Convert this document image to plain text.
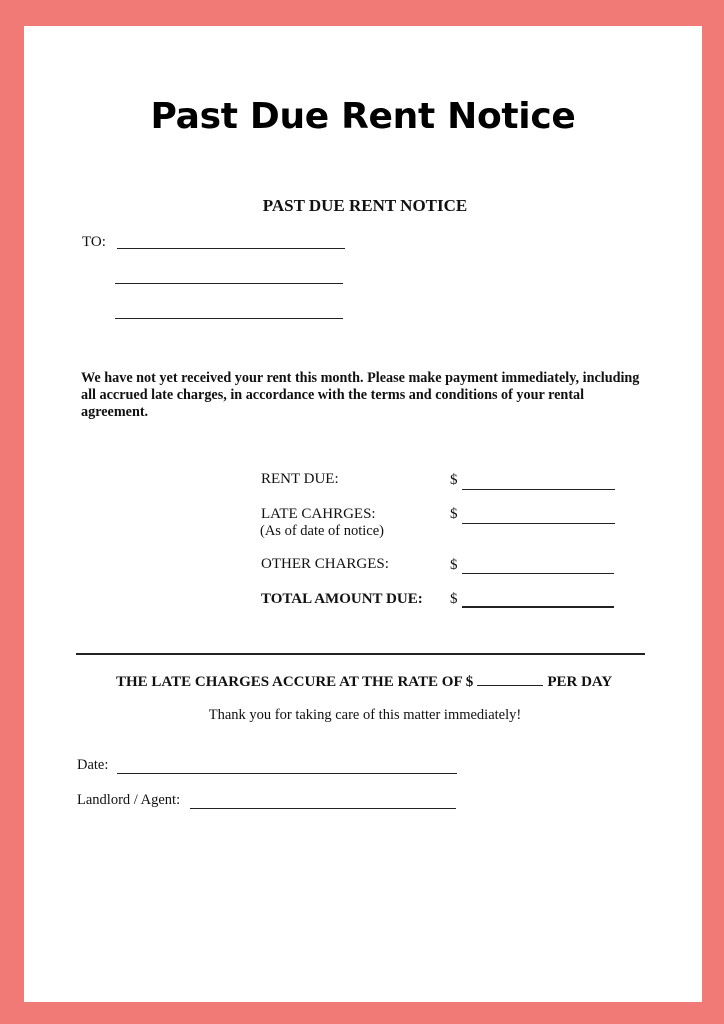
Past Due Rent Notice
PAST DUE RENT NOTICE
TO:
We have not yet received your rent this month. Please make payment immediately, including all accrued late charges, in accordance with the terms and conditions of your rental agreement.
RENT DUE:	$
LATE CAHRGES:
(As of date of notice)
$
OTHER CHARGES:	$
TOTAL AMOUNT DUE: $
THE LATE CHARGES ACCURE AT THE RATE OF $	PER DAY
Thank you for taking care of this matter immediately!
Date:
Landlord / Agent:
